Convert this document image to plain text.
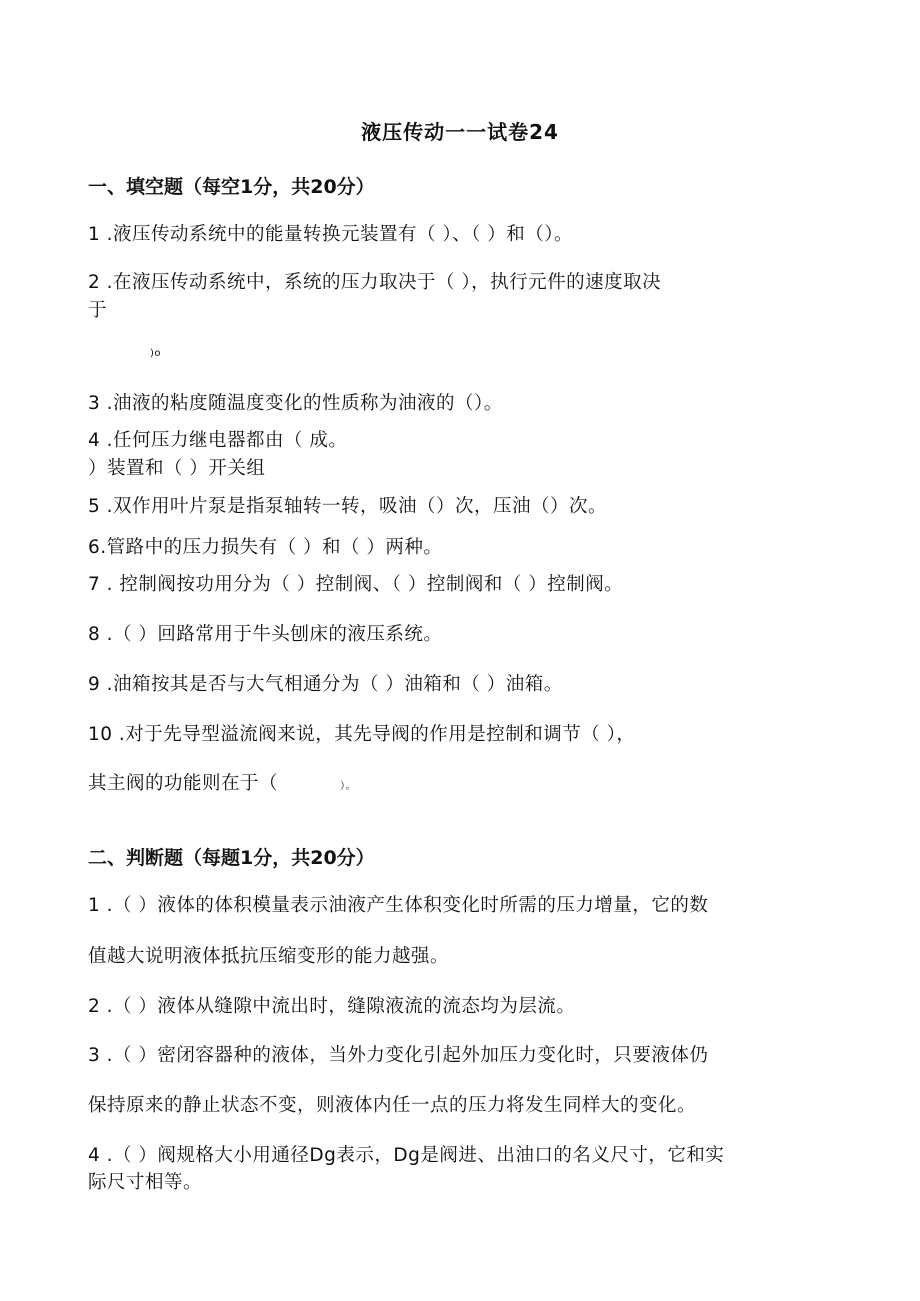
液压传动一一试卷24
一、填空题（每空1分，共20分）
1 .液压传动系统中的能量转换元装置有（ ）、（ ）和（）。
2 .在液压传动系统中，系统的压力取决于（ ），执行元件的速度取决
于
)o
3 .油液的粘度随温度变化的性质称为油液的（）。
4 .任何压力继电器都由（ 成。
）装置和（ ）开关组
5 .双作用叶片泵是指泵轴转一转，吸油（）次，压油（）次。
6.管路中的压力损失有（ ）和（ ）两种。
7 . 控制阀按功用分为（ ）控制阀、（ ）控制阀和（ ）控制阀。
8 .（ ）回路常用于牛头刨床的液压系统。
9 .油箱按其是否与大气相通分为（ ）油箱和（ ）油箱。
10 .对于先导型溢流阀来说，其先导阀的作用是控制和调节（ ），
其主阀的功能则在于（	）。
二、判断题（每题1分，共20分）
1 .（ ）液体的体积模量表示油液产生体积变化时所需的压力增量，它的数
值越大说明液体抵抗压缩变形的能力越强。
2 .（ ）液体从缝隙中流出时，缝隙液流的流态均为层流。
3 .（ ）密闭容器种的液体，当外力变化引起外加压力变化时，只要液体仍
保持原来的静止状态不变，则液体内任一点的压力将发生同样大的变化。
4 .（ ）阀规格大小用通径Dg表示，Dg是阀进、出油口的名义尺寸，它和实
际尺寸相等。
